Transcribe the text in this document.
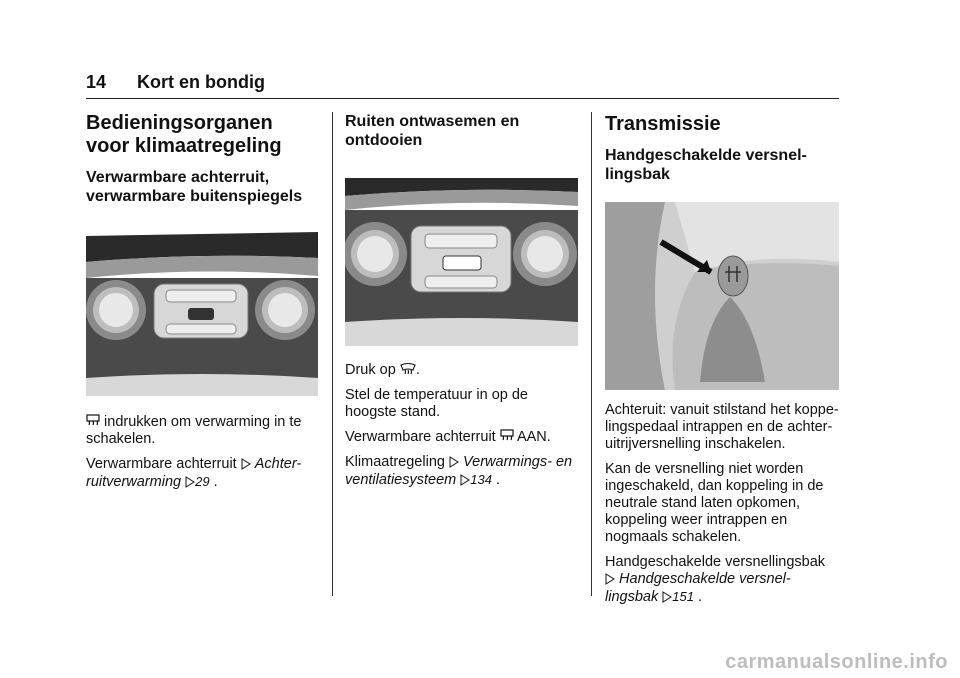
14 Kort en bondig
Bedieningsorganen voor klimaatregeling
Verwarmbare achterruit, verwarmbare buitenspiegels

indrukken om verwarming in te schakelen.

Verwarmbare achterruit  Achter-ruitverwarming 29 .

Ruiten ontwasemen en ontdooien

Druk op .

Stel de temperatuur in op de hoogste stand.

Verwarmbare achterruit  AAN.

Klimaatregeling  Verwarmings- en ventilatiesysteem 134 .

Transmissie
Handgeschakelde versnel-lingsbak

Achteruit: vanuit stilstand het koppe-lingspedaal intrappen en de achter-uitrijversnelling inschakelen.

Kan de versnelling niet worden ingeschakeld, dan koppeling in de neutrale stand laten opkomen, koppeling weer intrappen en nogmaals schakelen.

Handgeschakelde versnellingsbak
Handgeschakelde versnel-lingsbak 151 .

carmanualsonline.info
